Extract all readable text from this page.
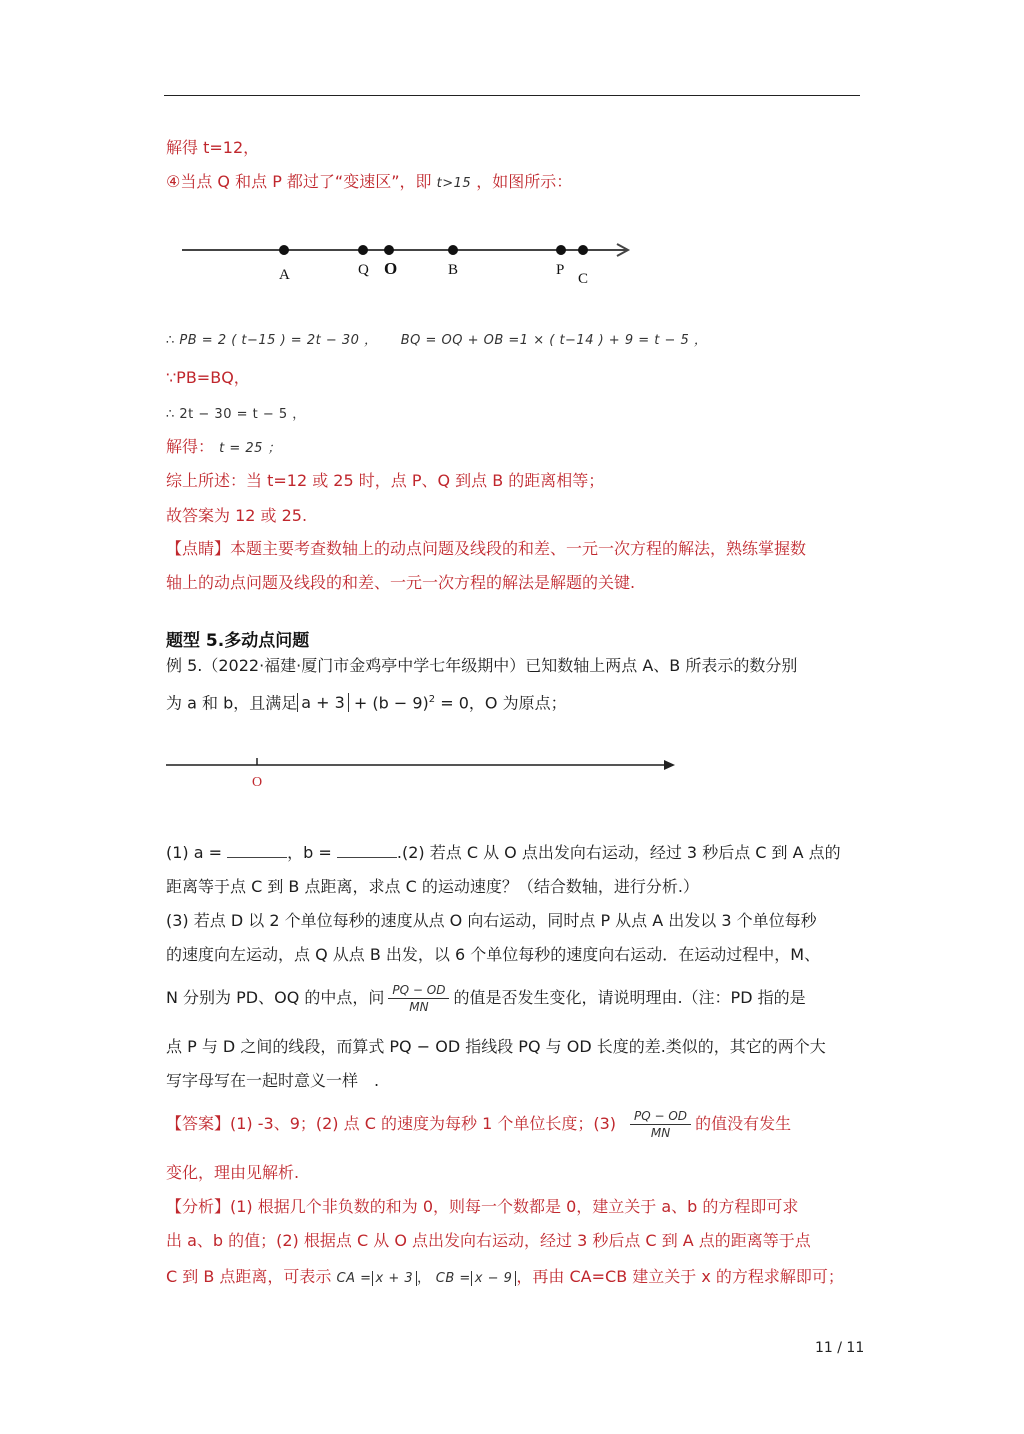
解得 t=12，
④当点 Q 和点 P 都过了“变速区”，即 t>15 ，如图所示：
A	Q O	B	P
C
∴ PB = 2 ( t−15 ) = 2t − 30 ， BQ = OQ + OB =1 × ( t−14 ) + 9 = t − 5 ，
∵PB=BQ，
∴ 2t − 30 = t − 5 ，
解得： t = 25 ；
综上所述：当 t=12 或 25 时，点 P、Q 到点 B 的距离相等；
故答案为 12 或 25.
【点睛】本题主要考查数轴上的动点问题及线段的和差、一元一次方程的解法，熟练掌握数
轴上的动点问题及线段的和差、一元一次方程的解法是解题的关键.
题型 5.多动点问题
例 5.（2022·福建·厦门市金鸡亭中学七年级期中）已知数轴上两点 A、B 所表示的数分别
为 a 和 b，且满足 $a + 3 + (b - 9)^2 = 0$，O 为原点；
O
(1) a =	，b =	.(2) 若点 C 从 O 点出发向右运动，经过 3 秒后点 C 到 A 点的
距离等于点 C 到 B 点距离，求点 C 的运动速度？（结合数轴，进行分析.）
(3) 若点 D 以 2 个单位每秒的速度从点 O 向右运动，同时点 P 从点 A 出发以 3 个单位每秒
的速度向左运动，点 Q 从点 B 出发，以 6 个单位每秒的速度向右运动．在运动过程中，M、
N 分别为 PD、OQ 的中点，问 $\frac{PQ - OD}{MN}$ 的值是否发生变化，请说明理由.（注：PD 指的是
点 P 与 D 之间的线段，而算式 PQ − OD 指线段 PQ 与 OD 长度的差.类似的，其它的两个大
写字母写在一起时意义一样　.
【答案】(1) -3、9；(2) 点 C 的速度为每秒 1 个单位长度；$(3) \frac{PQ - OD}{MN}$ 的值没有发生
变化，理由见解析.
【分析】(1) 根据几个非负数的和为 0，则每一个数都是 0，建立关于 a、b 的方程即可求
出 a、b 的值；(2) 根据点 C 从 O 点出发向右运动，经过 3 秒后点 C 到 A 点的距离等于点
C 到 B 点距离，可表示 CA = x + 3 ， CB = x − 9 ，再由 CA=CB 建立关于 x 的方程求解即可；
11 / 11
